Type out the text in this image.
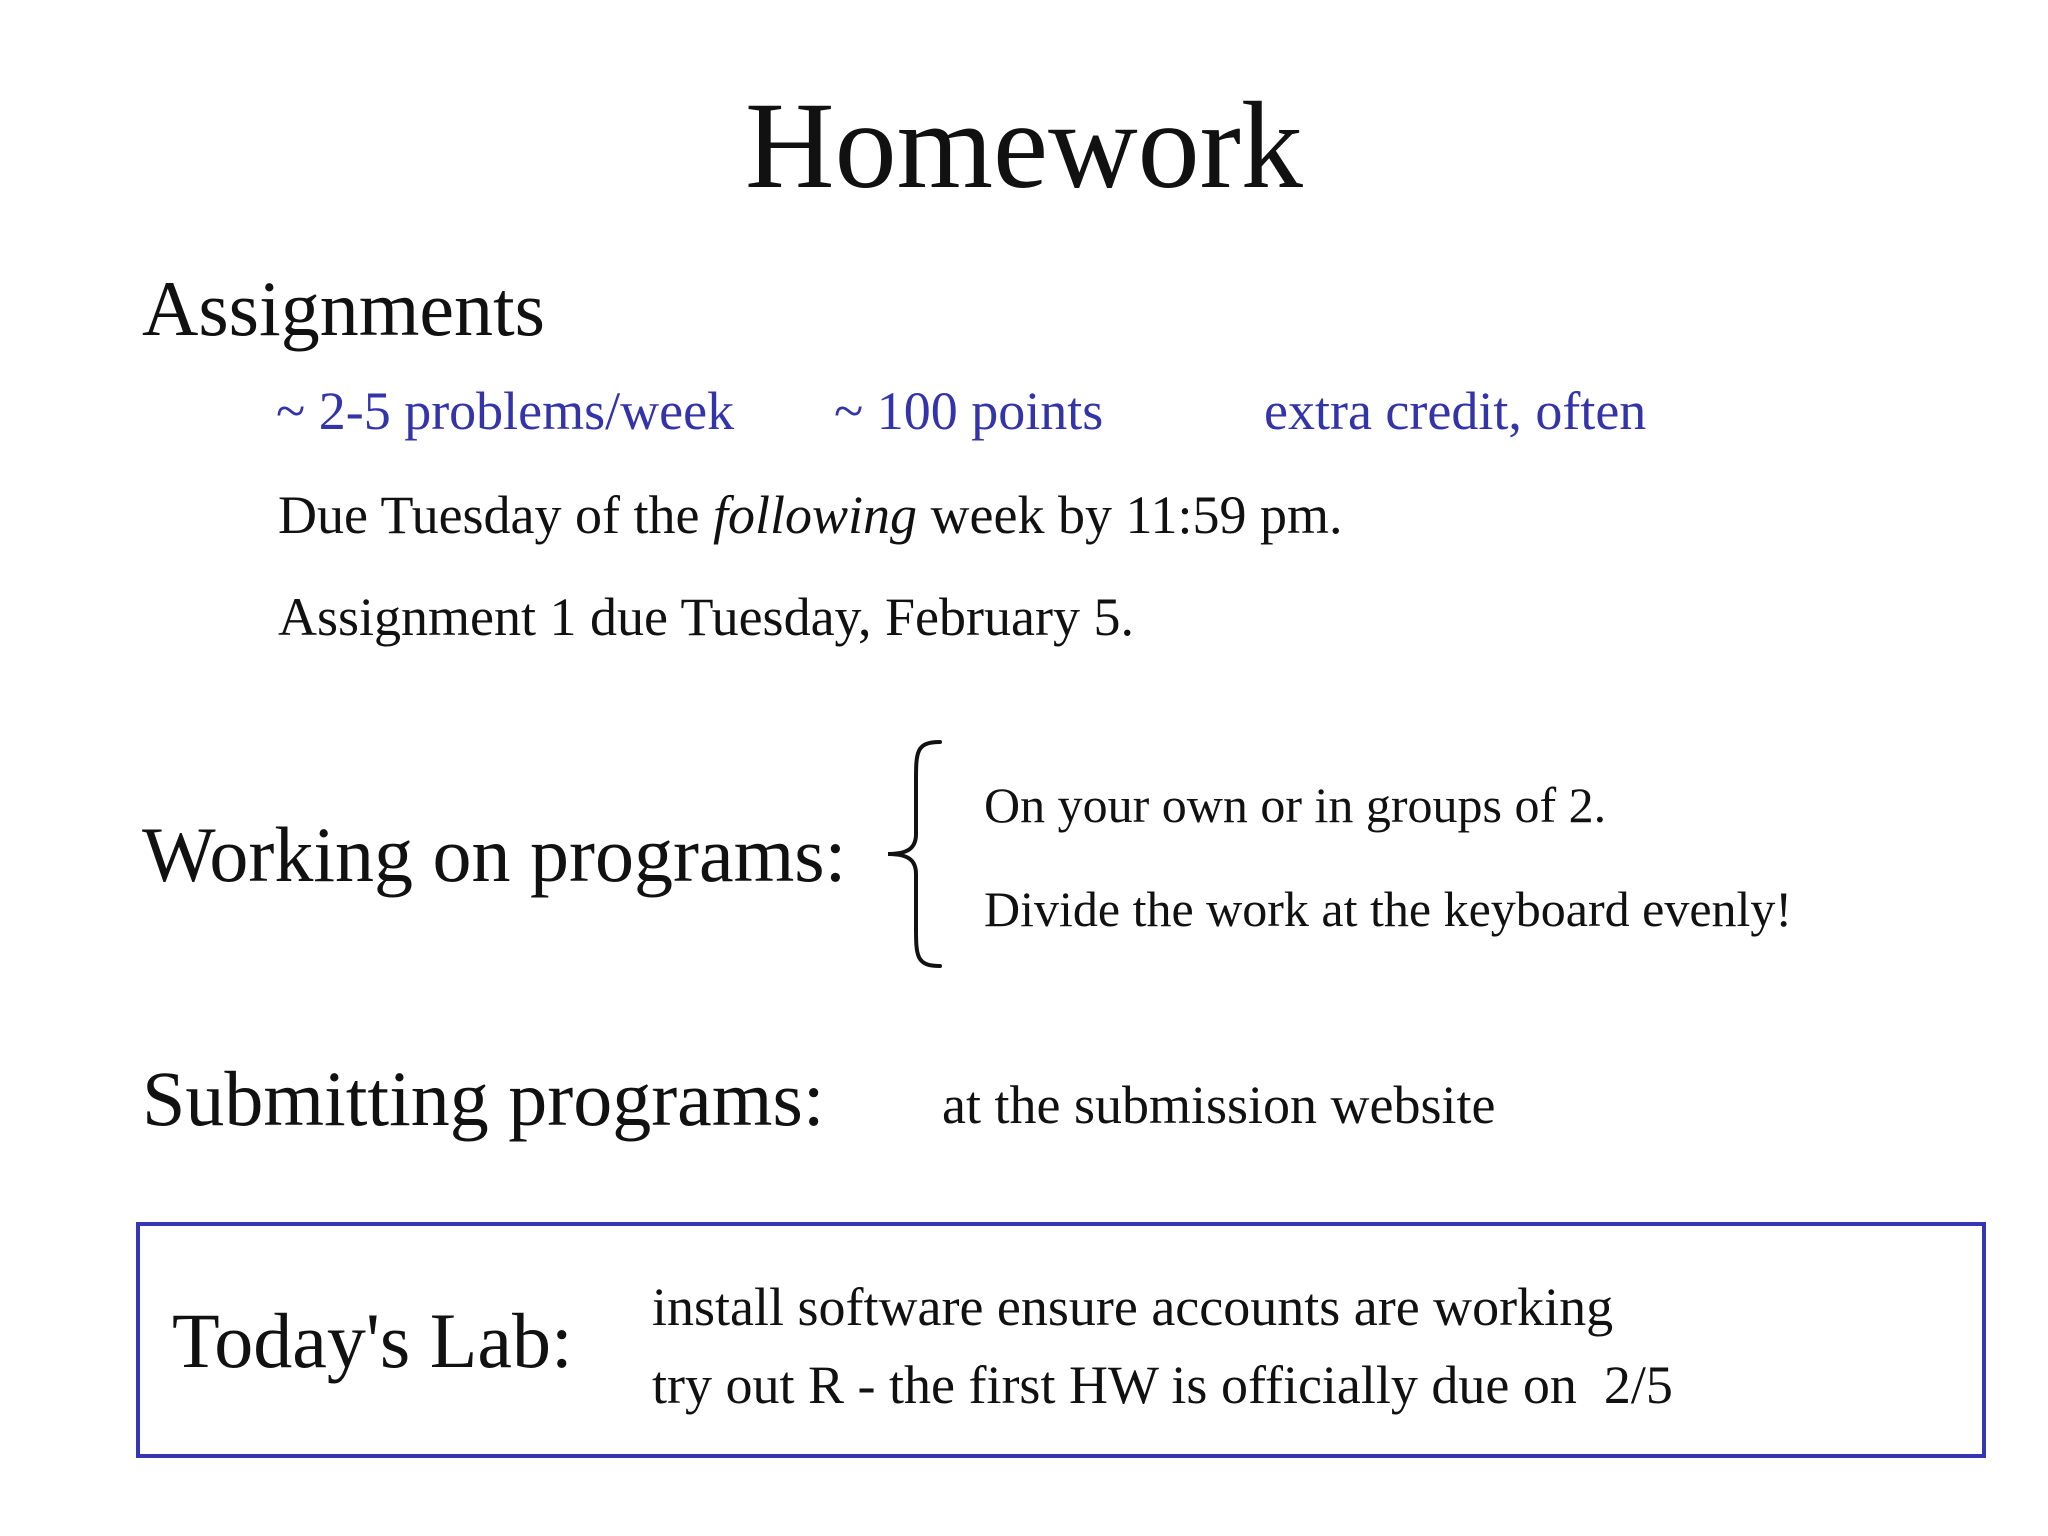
Homework
Assignments
~ 2-5 problems/week ~ 100 points	extra credit, often
Due Tuesday of the following week by 11:59 pm.
Assignment 1 due Tuesday, February 5.
Working on programs:
On your own or in groups of 2.
Divide the work at the keyboard evenly!
Submitting programs: at the submission website
Today's Lab: install software ensure accounts are working
try out R - the first HW is officially due on  2/5
